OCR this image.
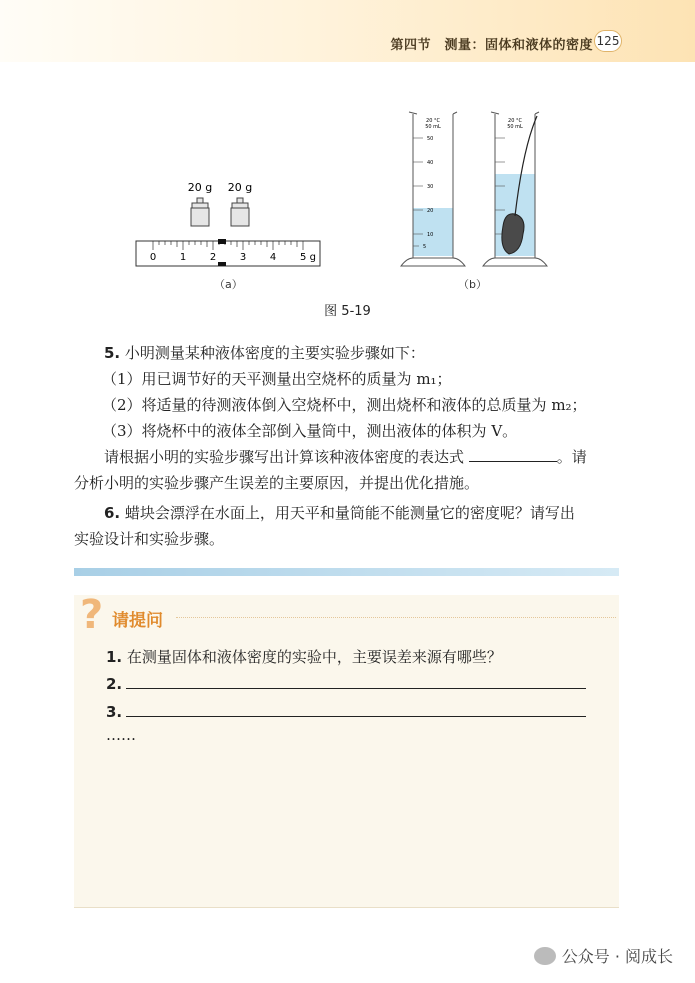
第四节　测量：固体和液体的密度 125
20 g 20 g
0 1 2 3 4 5 g
（a）
20 °C
50 mL
50
40
30
20
10
5
20 °C
50 mL
（b）
图 5-19
5. 小明测量某种液体密度的主要实验步骤如下：
（1）用已调节好的天平测量出空烧杯的质量为 m₁；
（2）将适量的待测液体倒入空烧杯中，测出烧杯和液体的总质量为 m₂；
（3）将烧杯中的液体全部倒入量筒中，测出液体的体积为 V。
请根据小明的实验步骤写出计算该种液体密度的表达式	。请
分析小明的实验步骤产生误差的主要原因，并提出优化措施。
6. 蜡块会漂浮在水面上，用天平和量筒能不能测量它的密度呢？请写出
实验设计和实验步骤。
? 请提问
1. 在测量固体和液体密度的实验中，主要误差来源有哪些？
2.
3.
……
公众号 · 阅成长
